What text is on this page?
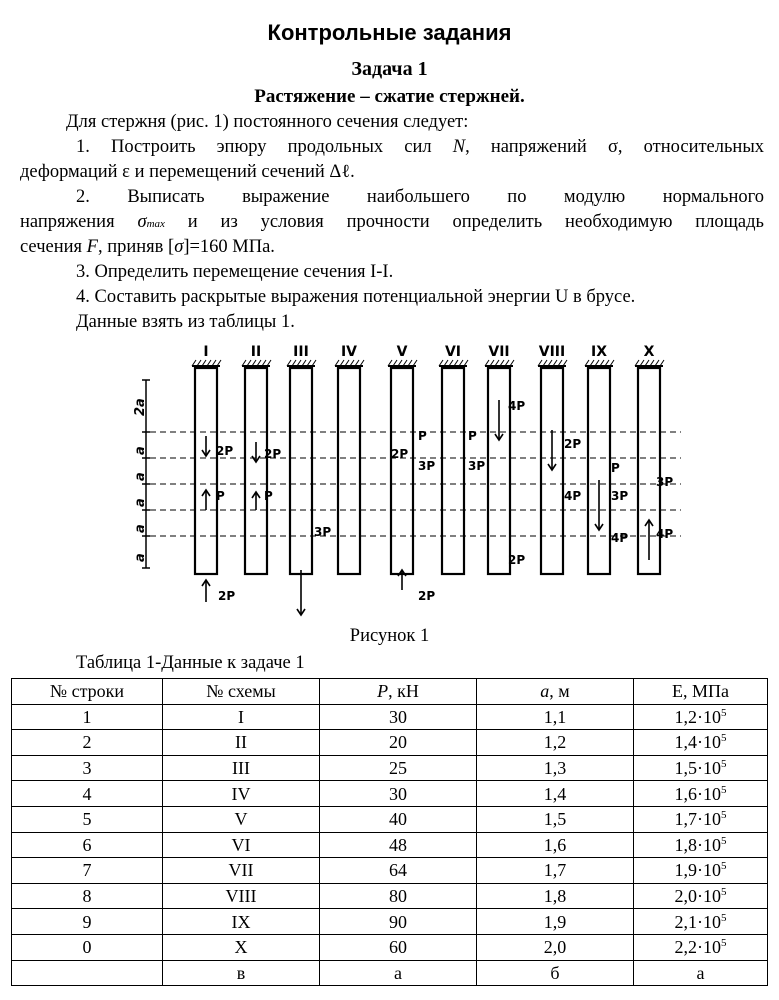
Контрольные задания
Задача 1
Растяжение – сжатие стержней.
Для стержня (рис. 1) постоянного сечения следует:
1. Построить эпюру продольных сил N, напряжений σ, относительных
деформаций ε и перемещений сечений Δℓ.
2. Выписать выражение наибольшего по модулю нормального
напряжения σmax и из условия прочности определить необходимую площадь
сечения F, приняв [σ]=160 МПа.
3. Определить перемещение сечения I-I.
4. Составить раскрытые выражения потенциальной энергии U в брусе.
Данные взять из таблицы 1.
I	II III IV	V	VI VII VIII IX	X
2a
a
a
a
a
a
2P
P
2P
P
3P
2P
P
3P
2P	2P
4P
2P
2P
4P
P
3P
4P
3P
4P
P
3P
Рисунок 1
Таблица 1-Данные к задаче 1
№ строки	№ схемы	P, кН	a, м	E, МПа
1	I	30	1,1	$1,2\cdot 10^5$
2	II	20	1,2	$1,4\cdot 10^5$
3	III	25	1,3	$1,5\cdot 10^5$
4	IV	30	1,4	$1,6\cdot 10^5$
5	V	40	1,5	$1,7\cdot 10^5$
6	VI	48	1,6	$1,8\cdot 10^5$
7	VII	64	1,7	$1,9\cdot 10^5$
8	VIII	80	1,8	$2,0\cdot 10^5$
9	IX	90	1,9	$2,1\cdot 10^5$
0	X	60	2,0	$2,2\cdot 10^5$
	в	а	б	а
